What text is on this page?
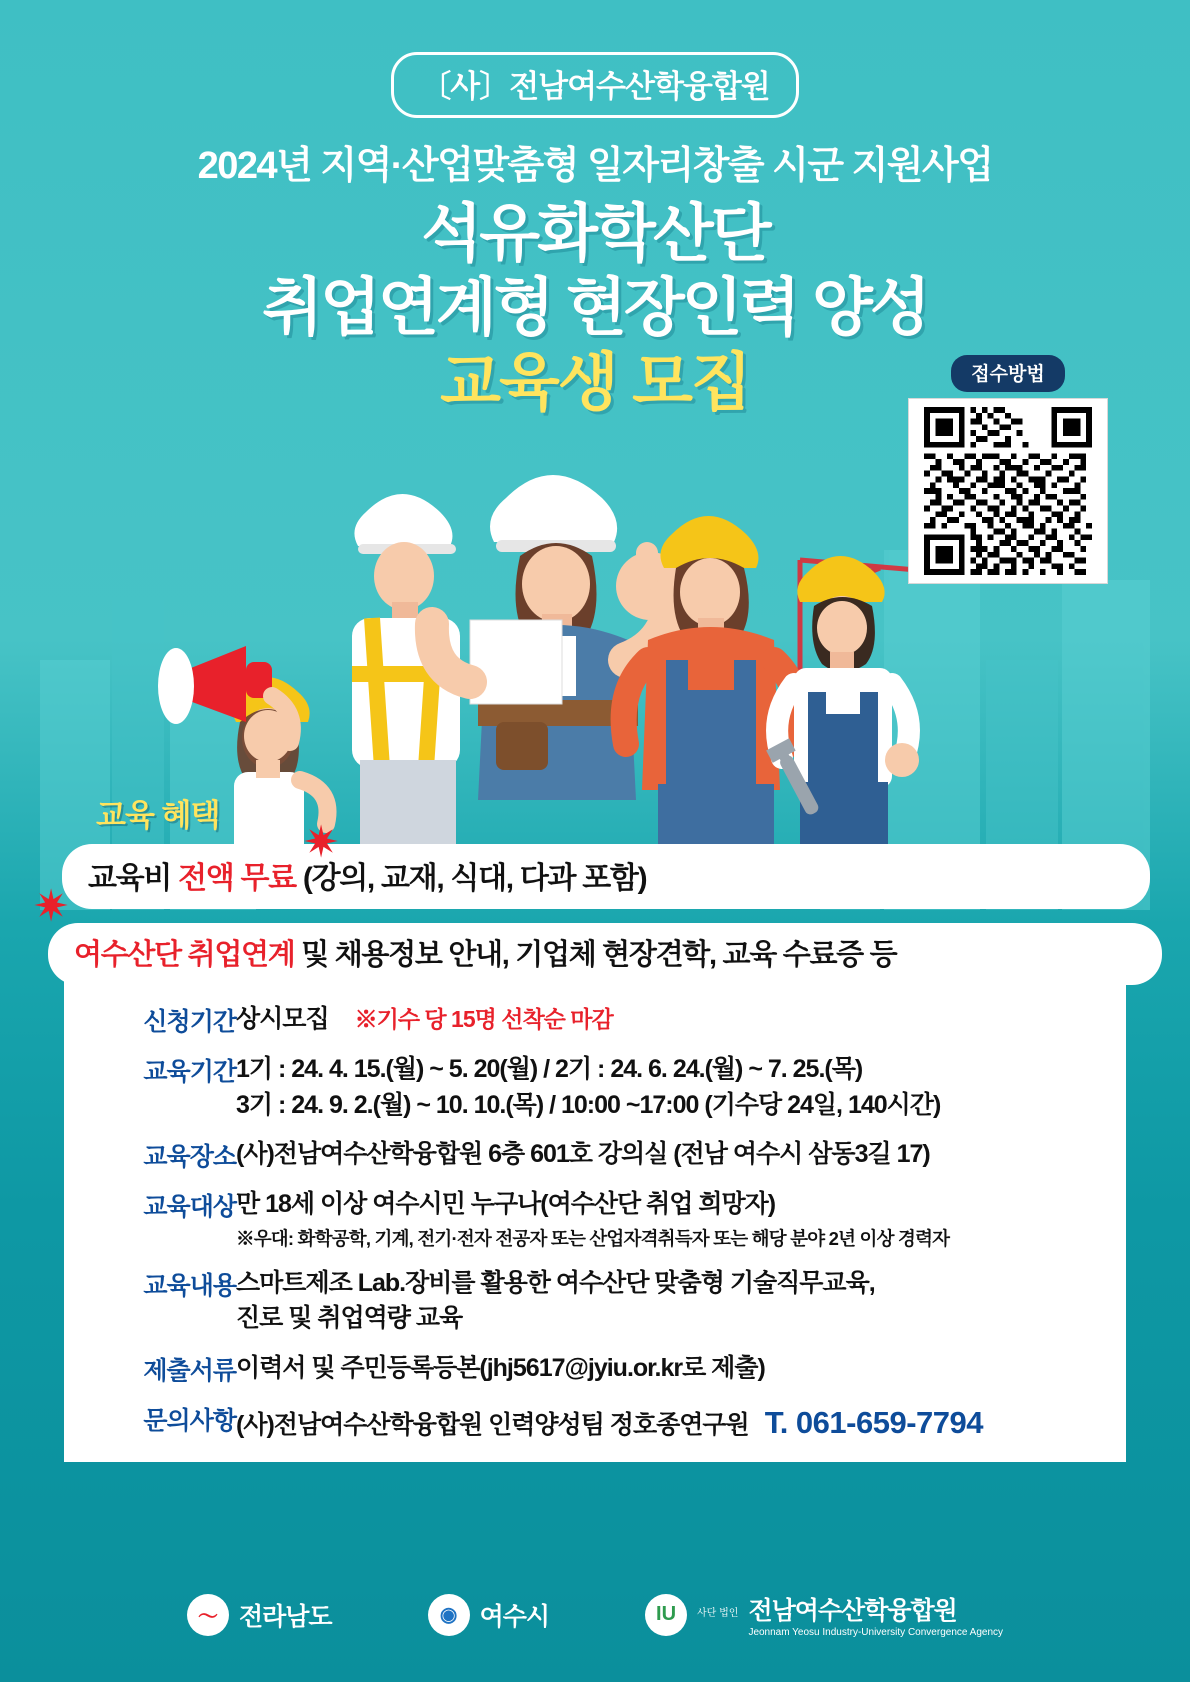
〔사〕전남여수산학융합원
2024년 지역·산업맞춤형 일자리창출 시군 지원사업
석유화학산단
취업연계형 현장인력 양성
교육생 모집	접수방법
교육 혜택
✷
✷
교육비 전액 무료 (강의, 교재, 식대, 다과 포함)
여수산단 취업연계 및 채용정보 안내, 기업체 현장견학, 교육 수료증 등
신청기간	상시모집 ※기수 당 15명 선착순 마감
교육기간	1기 : 24. 4. 15.(월) ~ 5. 20(월) / 2기 : 24. 6. 24.(월) ~ 7. 25.(목)
3기 : 24. 9. 2.(월) ~ 10. 10.(목) / 10:00 ~17:00 (기수당 24일, 140시간)
교육장소	(사)전남여수산학융합원 6층 601호 강의실 (전남 여수시 삼동3길 17)
교육대상	만 18세 이상 여수시민 누구나(여수산단 취업 희망자)
※우대: 화학공학, 기계, 전기·전자 전공자 또는 산업자격취득자 또는 해당 분야 2년 이상 경력자

교육내용	스마트제조 Lab.장비를 활용한 여수산단 맞춤형 기술직무교육,
진로 및 취업역량 교육
제출서류	이력서 및 주민등록등본(jhj5617@jyiu.or.kr로 제출)
문의사항	(사)전남여수산학융합원 인력양성팀 정호종연구원 T. 061-659-7794
〜 전라남도	◉ 여수시	IU	사단 법인 전남여수산학융합원
Jeonnam Yeosu Industry-University Convergence Agency
